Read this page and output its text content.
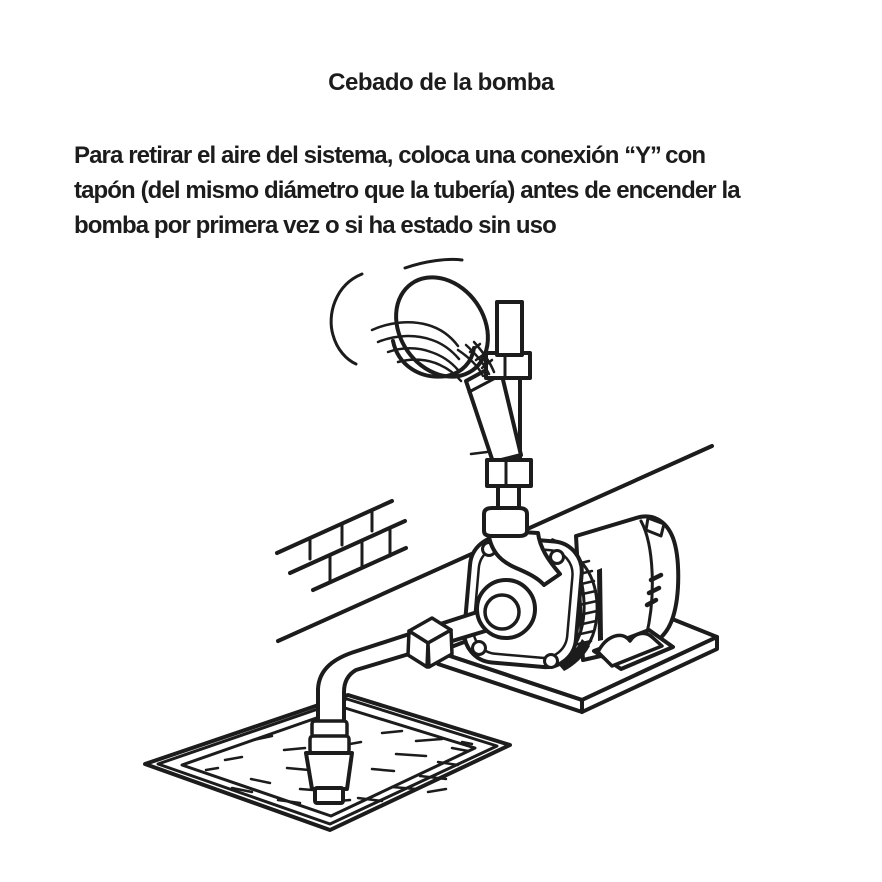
Cebado de la bomba

Para retirar el aire del sistema, coloca una conexión ‘‘Y’’ con
tapón (del mismo diámetro que la tubería) antes de encender la
bomba por primera vez o si ha estado sin uso
